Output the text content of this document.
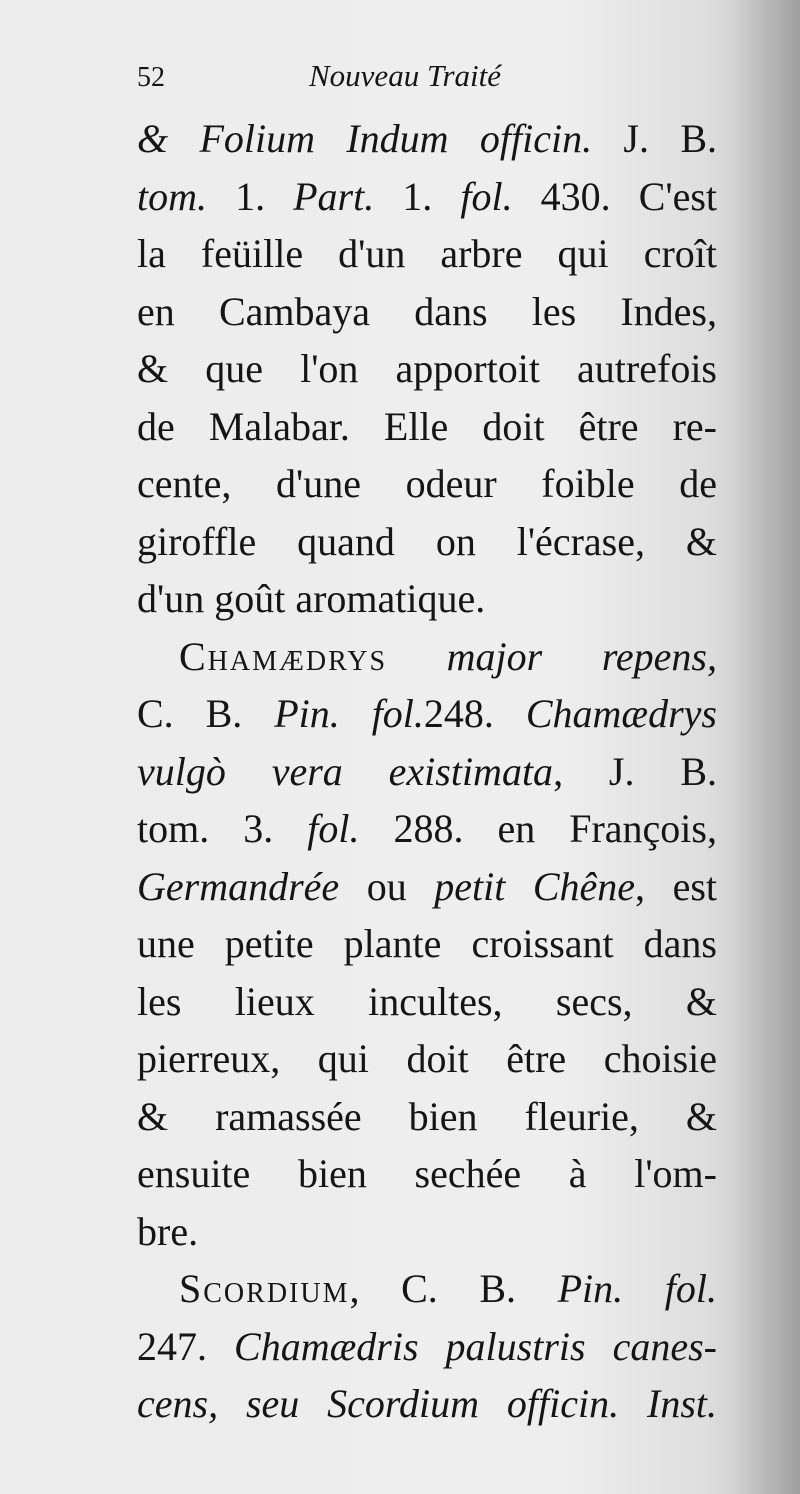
52	Nouveau Traité
& Folium Indum officin. J. B.
tom. 1. Part. 1. fol. 430. C'est
la feüille d'un arbre qui croît
en Cambaya dans les Indes,
& que l'on apportoit autrefois
de Malabar. Elle doit être re-
cente, d'une odeur foible de
giroffle quand on l'écrase, &
d'un goût aromatique.
Chamædrys major repens,
C. B. Pin. fol.248. Chamædrys
vulgò vera existimata, J. B.
tom. 3. fol. 288. en François,
Germandrée ou petit Chêne, est
une petite plante croissant dans
les lieux incultes, secs, &
pierreux, qui doit être choisie
& ramassée bien fleurie, &
ensuite bien sechée à l'om-
bre.
Scordium, C. B. Pin. fol.
247. Chamædris palustris canes-
cens, seu Scordium officin. Inst.
